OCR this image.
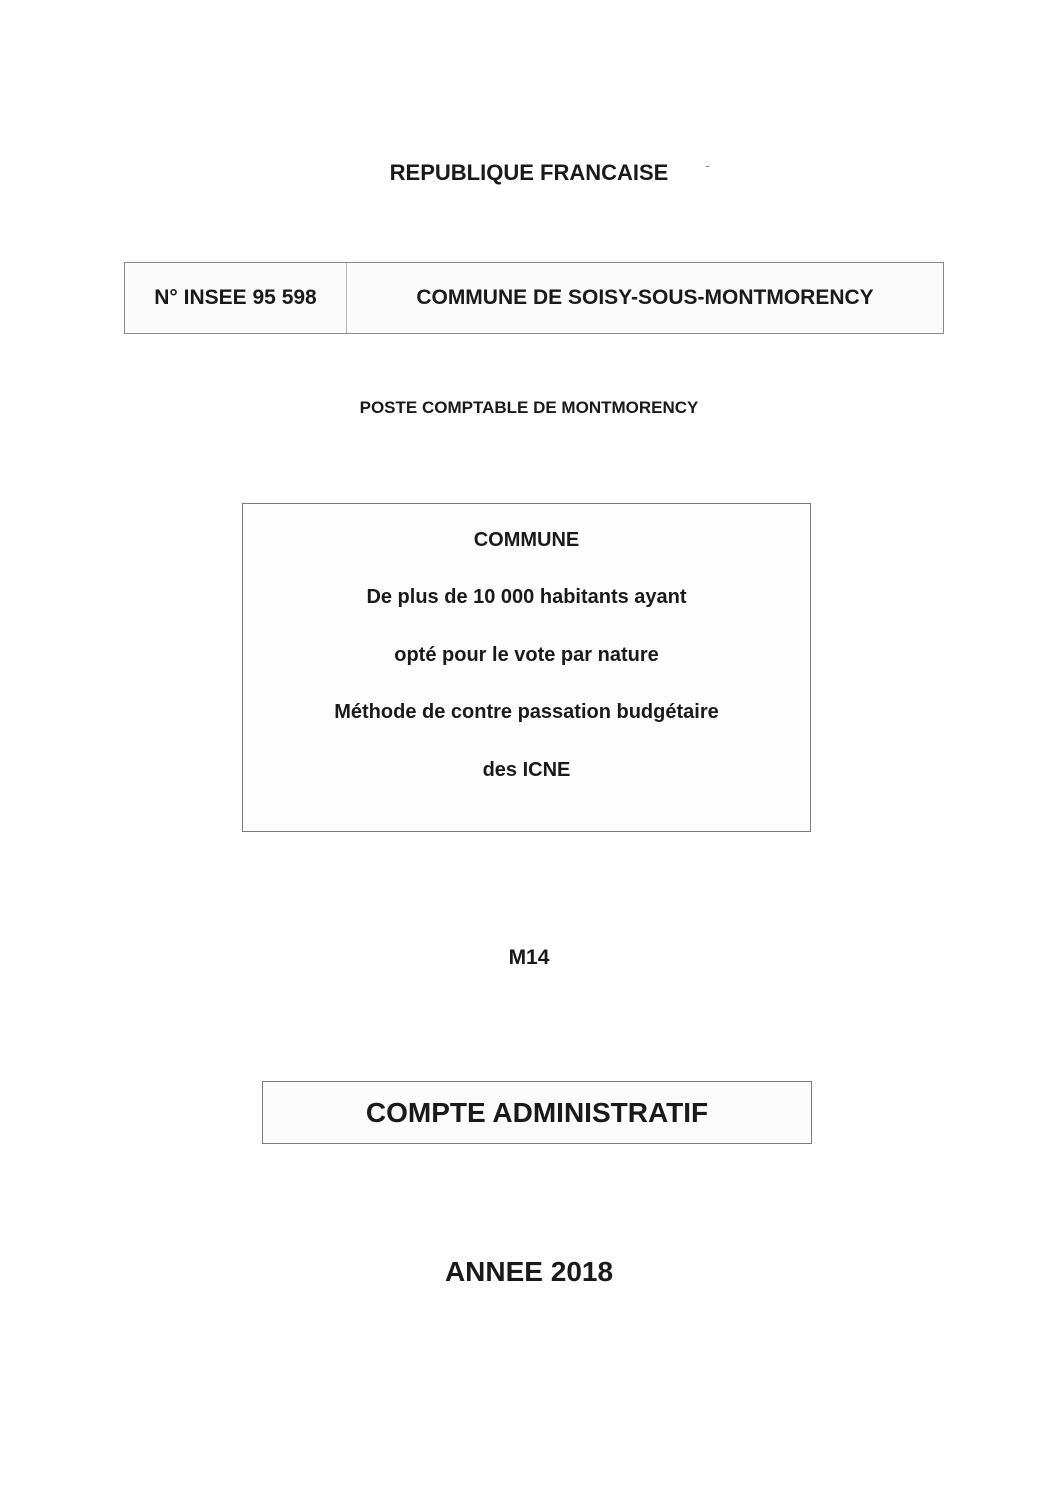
REPUBLIQUE FRANCAISE
N° INSEE 95 598	COMMUNE DE SOISY-SOUS-MONTMORENCY
POSTE COMPTABLE DE MONTMORENCY
COMMUNE
De plus de 10 000 habitants ayant
opté pour le vote par nature
Méthode de contre passation budgétaire
des ICNE
M14
COMPTE ADMINISTRATIF
ANNEE 2018
